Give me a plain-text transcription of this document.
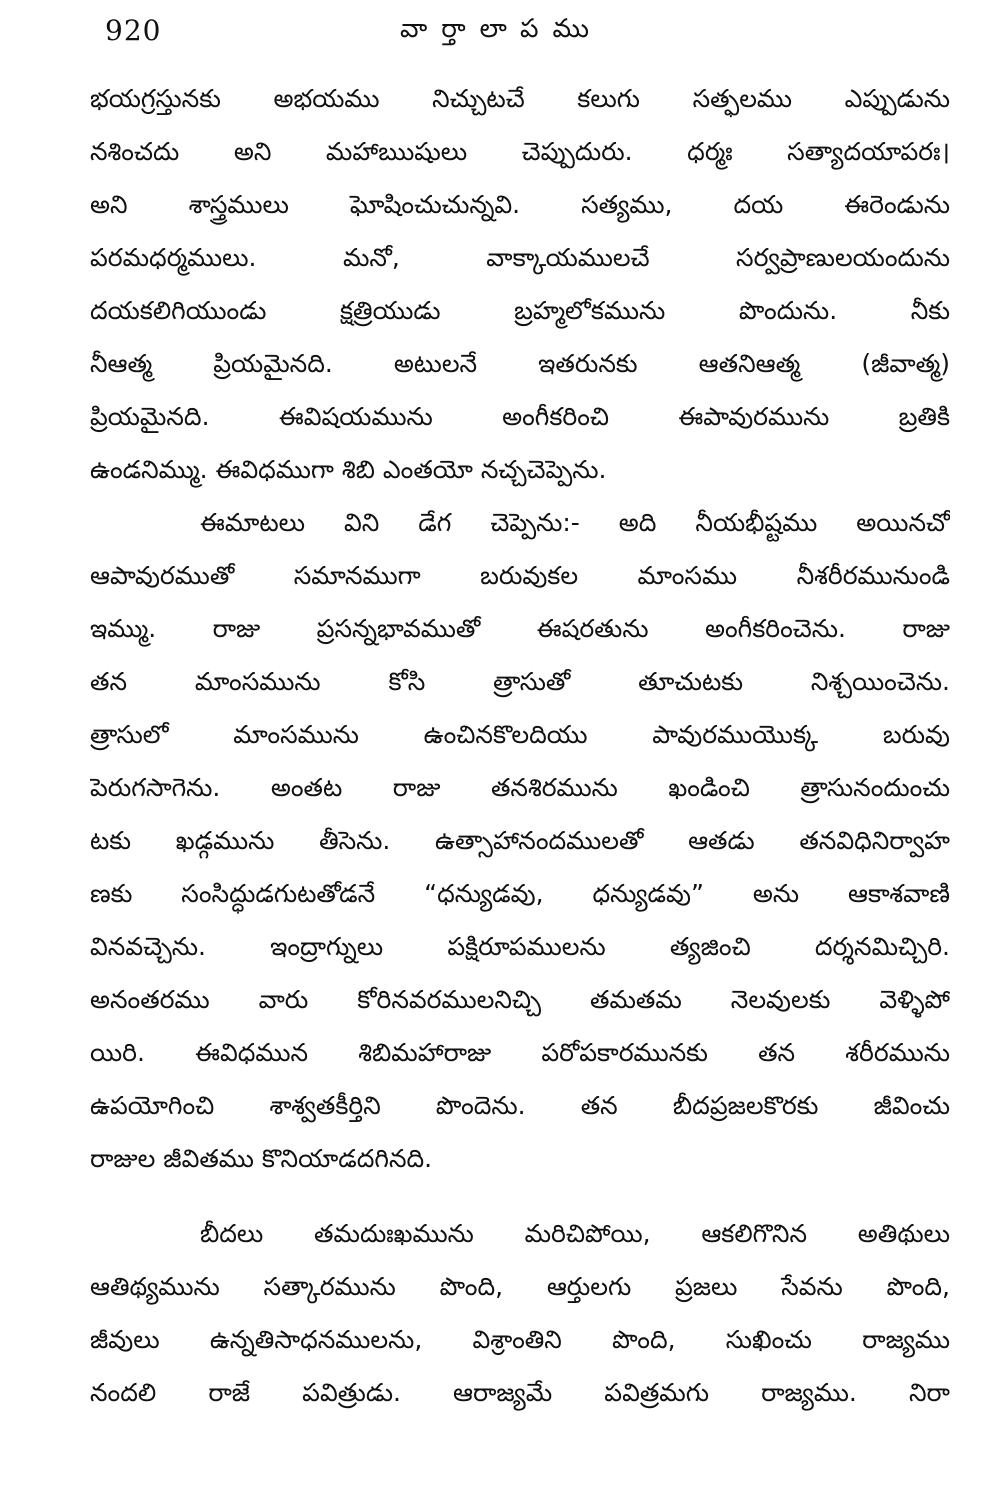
920	వార్తాలాపము
భయగ్రస్తునకు అభయము నిచ్చుటచే కలుగు సత్ఫలము ఎప్పుడును
నశించదు అని మహాఋషులు చెప్పుదురు. ధర్మః సత్యాదయాపరః।
అని శాస్త్రములు ఘోషించుచున్నవి. సత్యము, దయ ఈరెండును
పరమధర్మములు. మనో, వాక్కాయములచే సర్వప్రాణులయందును
దయకలిగియుండు క్షత్రియుడు బ్రహ్మలోకమును పొందును. నీకు
నీఆత్మ ప్రియమైనది. అటులనే ఇతరునకు ఆతనిఆత్మ (జీవాత్మ)
ప్రియమైనది. ఈవిషయమును అంగీకరించి ఈపావురమును బ్రతికి
ఉండనిమ్ము. ఈవిధముగా శిబి ఎంతయో నచ్చచెప్పెను.
ఈమాటలు విని డేగ చెప్పెను:- అది నీయభీష్టము అయినచో
ఆపావురముతో సమానముగా బరువుకల మాంసము నీశరీరమునుండి
ఇమ్ము. రాజు ప్రసన్నభావముతో ఈషరతును అంగీకరించెను. రాజు
తన మాంసమును కోసి త్రాసుతో తూచుటకు నిశ్చయించెను.
త్రాసులో మాంసమును ఉంచినకొలదియు పావురముయొక్క బరువు
పెరుగసాగెను. అంతట రాజు తనశిరమును ఖండించి త్రాసునందుంచు
టకు ఖడ్గమును తీసెను. ఉత్సాహానందములతో ఆతడు తనవిధినిర్వాహ
ణకు సంసిద్ధుడగుటతోడనే “ధన్యుడవు, ధన్యుడవు” అను ఆకాశవాణి
వినవచ్చెను. ఇంద్రాగ్నులు పక్షిరూపములను త్యజించి దర్శనమిచ్చిరి.
అనంతరము వారు కోరినవరములనిచ్చి తమతమ నెలవులకు వెళ్ళిపో
యిరి. ఈవిధమున శిబిమహారాజు పరోపకారమునకు తన శరీరమును
ఉపయోగించి శాశ్వతకీర్తిని పొందెను. తన బీదప్రజలకొరకు జీవించు
రాజుల జీవితము కొనియాడదగినది.
బీదలు తమదుఃఖమును మరిచిపోయి, ఆకలిగొనిన అతిథులు
ఆతిథ్యమును సత్కారమును పొంది, ఆర్తులగు ప్రజలు సేవను పొంది,
జీవులు ఉన్నతిసాధనములను, విశ్రాంతిని పొంది, సుఖించు రాజ్యము
నందలి రాజే పవిత్రుడు. ఆరాజ్యమే పవిత్రమగు రాజ్యము. నిరా
